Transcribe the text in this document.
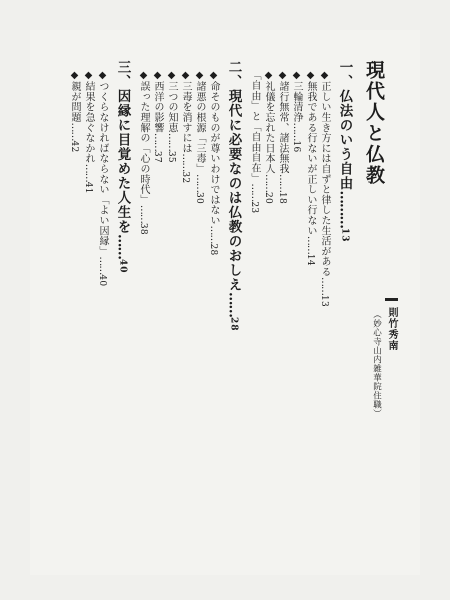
現代人と仏教
則竹秀南
（妙心寺山内雑華院住職）
一、仏法のいう自由………13
◆正しい生き方には自ずと律した生活がある……13
◆無我である行ないが正しい行ない……14
◆三輪清浄……16
◆諸行無常、諸法無我……18
◆礼儀を忘れた日本人……20
「自由」と「自由自在」……23
二、現代に必要なのは仏教のおしえ……28
◆命そのものが尊いわけではない……28
◆諸悪の根源「三毒」……30
◆三毒を消すには……32
◆三つの知恵……35
◆西洋の影響……37
◆誤った理解の「心の時代」……38
三、因縁に目覚めた人生を……40
◆つくらなければならない「よい因縁」……40
◆結果を急ぐなかれ……41
◆親が問題……42
